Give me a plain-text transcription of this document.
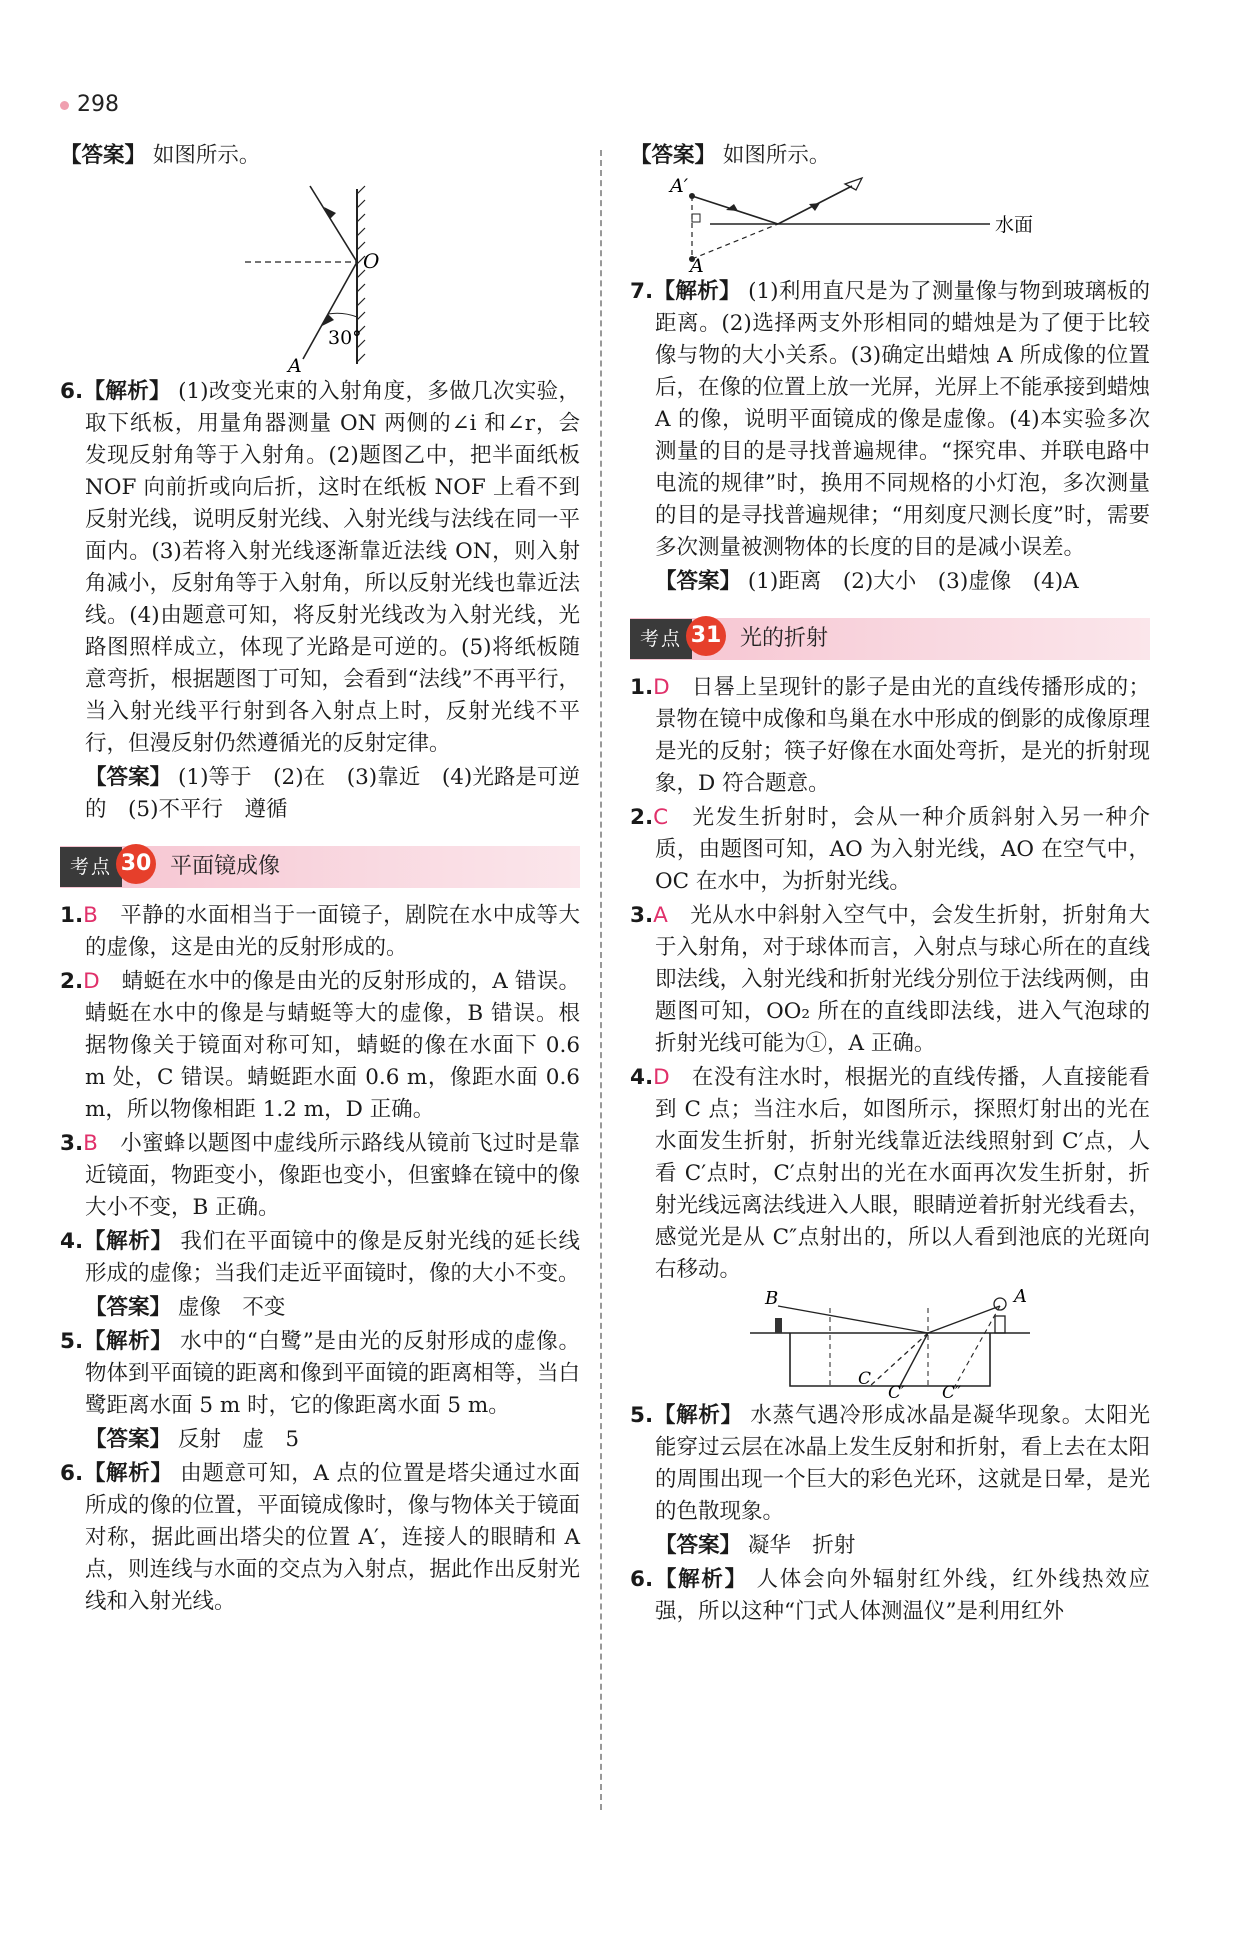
298
【答案】 如图所示。
O
30°
A
6.【解析】 (1)改变光束的入射角度，多做几次实验，取下纸板，用量角器测量 ON 两侧的∠i 和∠r，会发现反射角等于入射角。(2)题图乙中，把半面纸板 NOF 向前折或向后折，这时在纸板 NOF 上看不到反射光线，说明反射光线、入射光线与法线在同一平面内。(3)若将入射光线逐渐靠近法线 ON，则入射角减小，反射角等于入射角，所以反射光线也靠近法线。(4)由题意可知，将反射光线改为入射光线，光路图照样成立，体现了光路是可逆的。(5)将纸板随意弯折，根据题图丁可知，会看到“法线”不再平行，当入射光线平行射到各入射点上时，反射光线不平行，但漫反射仍然遵循光的反射定律。
【答案】 (1)等于　(2)在　(3)靠近　(4)光路是可逆的　(5)不平行　遵循
考点 30 平面镜成像
1.B　 平静的水面相当于一面镜子，剧院在水中成等大的虚像，这是由光的反射形成的。
2.D　 蜻蜓在水中的像是由光的反射形成的，A 错误。蜻蜓在水中的像是与蜻蜓等大的虚像，B 错误。根据物像关于镜面对称可知，蜻蜓的像在水面下 0.6 m 处，C 错误。蜻蜓距水面 0.6 m，像距水面 0.6 m，所以物像相距 1.2 m，D 正确。
3.B　 小蜜蜂以题图中虚线所示路线从镜前飞过时是靠近镜面，物距变小，像距也变小，但蜜蜂在镜中的像大小不变，B 正确。
4.【解析】 我们在平面镜中的像是反射光线的延长线形成的虚像；当我们走近平面镜时，像的大小不变。
【答案】 虚像　不变
5.【解析】 水中的“白鹭”是由光的反射形成的虚像。物体到平面镜的距离和像到平面镜的距离相等，当白鹭距离水面 5 m 时，它的像距离水面 5 m。
【答案】 反射　虚　5
6.【解析】 由题意可知，A 点的位置是塔尖通过水面所成的像的位置，平面镜成像时，像与物体关于镜面对称，据此画出塔尖的位置 A′，连接人的眼睛和 A 点，则连线与水面的交点为入射点，据此作出反射光线和入射光线。
【答案】 如图所示。
A′
A
水面
7.【解析】 (1)利用直尺是为了测量像与物到玻璃板的距离。(2)选择两支外形相同的蜡烛是为了便于比较像与物的大小关系。(3)确定出蜡烛 A 所成像的位置后，在像的位置上放一光屏，光屏上不能承接到蜡烛 A 的像，说明平面镜成的像是虚像。(4)本实验多次测量的目的是寻找普遍规律。“探究串、并联电路中电流的规律”时，换用不同规格的小灯泡，多次测量的目的是寻找普遍规律；“用刻度尺测长度”时，需要多次测量被测物体的长度的目的是减小误差。
【答案】 (1)距离　(2)大小　(3)虚像　(4)A
考点 31 光的折射
1.D　 日晷上呈现针的影子是由光的直线传播形成的；景物在镜中成像和鸟巢在水中形成的倒影的成像原理是光的反射；筷子好像在水面处弯折，是光的折射现象，D 符合题意。
2.C　 光发生折射时，会从一种介质斜射入另一种介质，由题图可知，AO 为入射光线，AO 在空气中，OC 在水中，为折射光线。
3.A　 光从水中斜射入空气中，会发生折射，折射角大于入射角，对于球体而言，入射点与球心所在的直线即法线，入射光线和折射光线分别位于法线两侧，由题图可知，OO₂ 所在的直线即法线，进入气泡球的折射光线可能为①，A 正确。
4.D　 在没有注水时，根据光的直线传播，人直接能看到 C 点；当注水后，如图所示，探照灯射出的光在水面发生折射，折射光线靠近法线照射到 C′点，人看 C′点时，C′点射出的光在水面再次发生折射，折射光线远离法线进入人眼，眼睛逆着折射光线看去，感觉光是从 C″点射出的，所以人看到池底的光斑向右移动。
B	A
C
C′ C″
5.【解析】 水蒸气遇冷形成冰晶是凝华现象。太阳光能穿过云层在冰晶上发生反射和折射，看上去在太阳的周围出现一个巨大的彩色光环，这就是日晕，是光的色散现象。
【答案】 凝华　折射
6.【解析】 人体会向外辐射红外线，红外线热效应强，所以这种“门式人体测温仪”是利用红外
